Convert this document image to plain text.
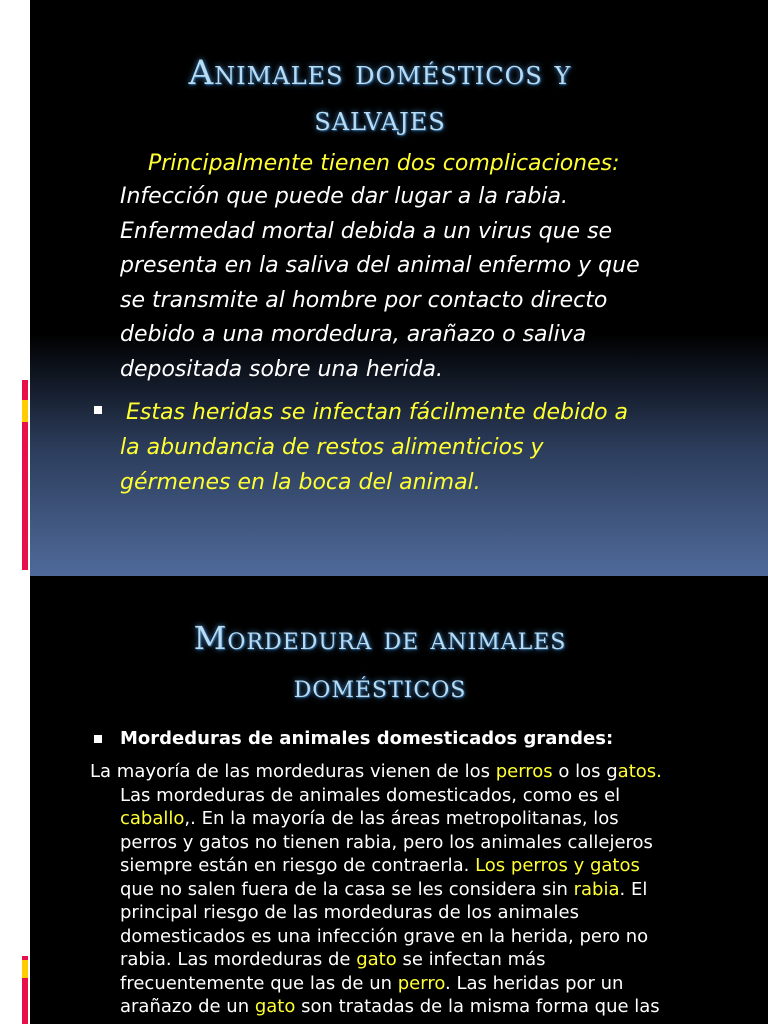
Animales domésticos y
salvajes
Principalmente tienen dos complicaciones:
Infección que puede dar lugar a la rabia.
Enfermedad mortal debida a un virus que se
presenta en la saliva del animal enfermo y que
se transmite al hombre por contacto directo
debido a una mordedura, arañazo o saliva
depositada sobre una herida.
Estas heridas se infectan fácilmente debido a
la abundancia de restos alimenticios y
gérmenes en la boca del animal.
Mordedura de animales
domésticos
Mordeduras de animales domesticados grandes:
La mayoría de las mordeduras vienen de los perros o los gatos.
Las mordeduras de animales domesticados, como es el
caballo,. En la mayoría de las áreas metropolitanas, los
perros y gatos no tienen rabia, pero los animales callejeros
siempre están en riesgo de contraerla. Los perros y gatos
que no salen fuera de la casa se les considera sin rabia. El
principal riesgo de las mordeduras de los animales
domesticados es una infección grave en la herida, pero no
rabia. Las mordeduras de gato se infectan más
frecuentemente que las de un perro. Las heridas por un
arañazo de un gato son tratadas de la misma forma que las
